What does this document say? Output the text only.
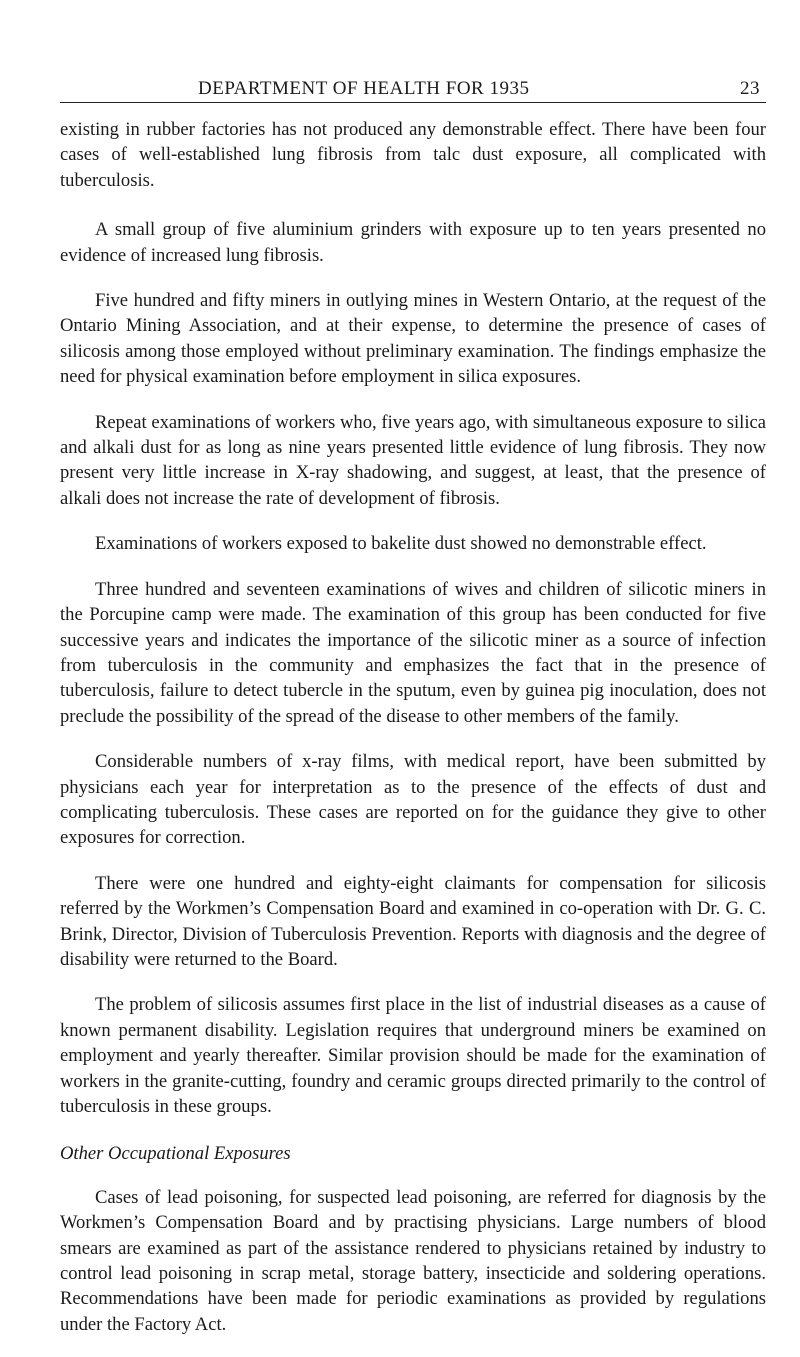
DEPARTMENT OF HEALTH FOR 1935	23

existing in rubber factories has not produced any demonstrable effect. There have been four cases of well-established lung fibrosis from talc dust exposure, all complicated with tuberculosis.

A small group of five aluminium grinders with exposure up to ten years presented no evidence of increased lung fibrosis.

Five hundred and fifty miners in outlying mines in Western Ontario, at the request of the Ontario Mining Association, and at their expense, to determine the presence of cases of silicosis among those employed without preliminary examination. The findings emphasize the need for physical examination before employment in silica exposures.

Repeat examinations of workers who, five years ago, with simultaneous exposure to silica and alkali dust for as long as nine years presented little evidence of lung fibrosis. They now present very little increase in X-ray shadowing, and suggest, at least, that the presence of alkali does not increase the rate of development of fibrosis.

Examinations of workers exposed to bakelite dust showed no demonstrable effect.

Three hundred and seventeen examinations of wives and children of silicotic miners in the Porcupine camp were made. The examination of this group has been conducted for five successive years and indicates the importance of the silicotic miner as a source of infection from tuberculosis in the community and emphasizes the fact that in the presence of tuberculosis, failure to detect tubercle in the sputum, even by guinea pig inoculation, does not preclude the possibility of the spread of the disease to other members of the family.

Considerable numbers of x-ray films, with medical report, have been submitted by physicians each year for interpretation as to the presence of the effects of dust and complicating tuberculosis. These cases are reported on for the guidance they give to other exposures for correction.

There were one hundred and eighty-eight claimants for compensation for silicosis referred by the Workmen’s Compensation Board and examined in co-operation with Dr. G. C. Brink, Director, Division of Tuberculosis Prevention. Reports with diagnosis and the degree of disability were returned to the Board.

The problem of silicosis assumes first place in the list of industrial diseases as a cause of known permanent disability. Legislation requires that underground miners be examined on employment and yearly thereafter. Similar provision should be made for the examination of workers in the granite-cutting, foundry and ceramic groups directed primarily to the control of tuberculosis in these groups.

Other Occupational Exposures

Cases of lead poisoning, for suspected lead poisoning, are referred for diagnosis by the Workmen’s Compensation Board and by practising physicians. Large numbers of blood smears are examined as part of the assistance rendered to physicians retained by industry to control lead poisoning in scrap metal, storage battery, insecticide and soldering operations. Recommendations have been made for periodic examinations as provided by regulations under the Factory Act.
